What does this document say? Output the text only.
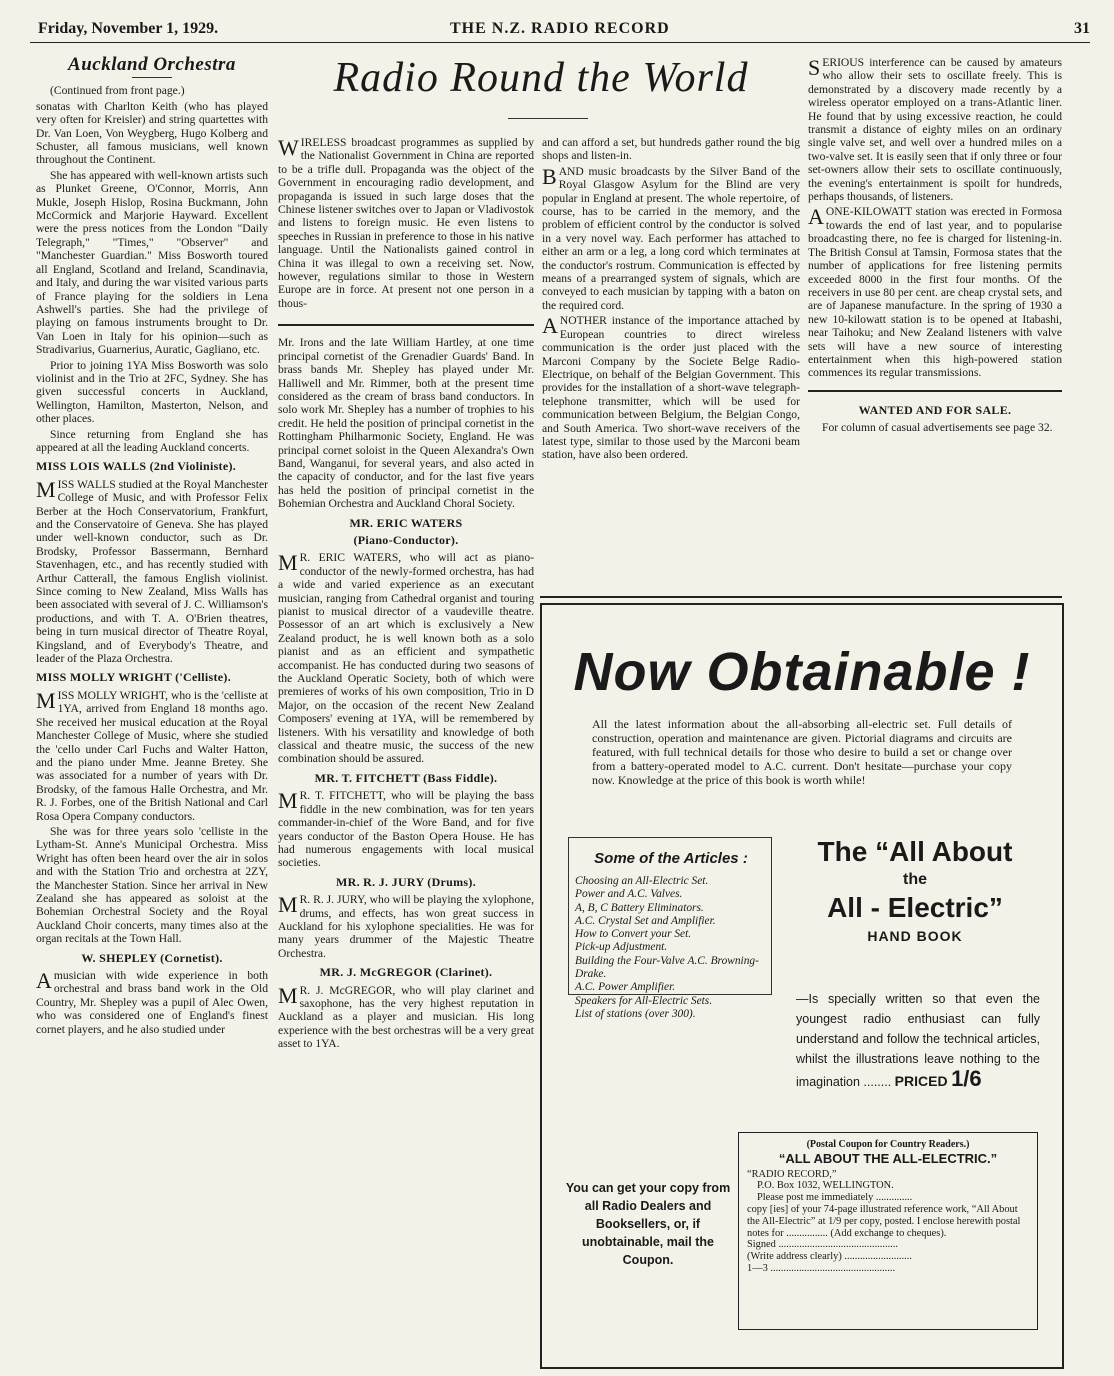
Friday, November 1, 1929.	THE N.Z. RADIO RECORD	31
Auckland Orchestra

(Continued from front page.)

sonatas with Charlton Keith (who has played very often for Kreisler) and string quartettes with Dr. Van Loen, Von Weygberg, Hugo Kolberg and Schuster, all famous musicians, well known throughout the Continent.

She has appeared with well-known artists such as Plunket Greene, O'Connor, Morris, Ann Mukle, Joseph Hislop, Rosina Buckmann, John McCormick and Marjorie Hayward. Excellent were the press notices from the London "Daily Telegraph," "Times," "Observer" and "Manchester Guardian." Miss Bosworth toured all England, Scotland and Ireland, Scandinavia, and Italy, and during the war visited various parts of France playing for the soldiers in Lena Ashwell's parties. She had the privilege of playing on famous instruments brought to Dr. Van Loen in Italy for his opinion—such as Stradivarius, Guarnerius, Auratic, Gagliano, etc.

Prior to joining 1YA Miss Bosworth was solo violinist and in the Trio at 2FC, Sydney. She has given successful concerts in Auckland, Wellington, Hamilton, Masterton, Nelson, and other places.

Since returning from England she has appeared at all the leading Auckland concerts.

MISS LOIS WALLS (2nd Violiniste).

MISS WALLS studied at the Royal Manchester College of Music, and with Professor Felix Berber at the Hoch Conservatorium, Frankfurt, and the Conservatoire of Geneva. She has played under well-known conductor, such as Dr. Brodsky, Professor Bassermann, Bernhard Stavenhagen, etc., and has recently studied with Arthur Catterall, the famous English violinist. Since coming to New Zealand, Miss Walls has been associated with several of J. C. Williamson's productions, and with T. A. O'Brien theatres, being in turn musical director of Theatre Royal, Kingsland, and of Everybody's Theatre, and leader of the Plaza Orchestra.

MISS MOLLY WRIGHT ('Celliste).

MISS MOLLY WRIGHT, who is the 'celliste at 1YA, arrived from England 18 months ago. She received her musical education at the Royal Manchester College of Music, where she studied the 'cello under Carl Fuchs and Walter Hatton, and the piano under Mme. Jeanne Bretey. She was associated for a number of years with Dr. Brodsky, of the famous Halle Orchestra, and Mr. R. J. Forbes, one of the British National and Carl Rosa Opera Company conductors.

She was for three years solo 'celliste in the Lytham-St. Anne's Municipal Orchestra. Miss Wright has often been heard over the air in solos and with the Station Trio and orchestra at 2ZY, the Manchester Station. Since her arrival in New Zealand she has appeared as soloist at the Bohemian Orchestral Society and the Royal Auckland Choir concerts, many times also at the organ recitals at the Town Hall.

W. SHEPLEY (Cornetist).

Amusician with wide experience in both orchestral and brass band work in the Old Country, Mr. Shepley was a pupil of Alec Owen, who was considered one of England's finest cornet players, and he also studied under

Radio Round the World

WIRELESS broadcast programmes as supplied by the Nationalist Government in China are reported to be a trifle dull. Propaganda was the object of the Government in encouraging radio development, and propaganda is issued in such large doses that the Chinese listener switches over to Japan or Vladivostok and listens to foreign music. He even listens to speeches in Russian in preference to those in his native language. Until the Nationalists gained control in China it was illegal to own a receiving set. Now, however, regulations similar to those in Western Europe are in force. At present not one person in a thous-

Mr. Irons and the late William Hartley, at one time principal cornetist of the Grenadier Guards' Band. In brass bands Mr. Shepley has played under Mr. Halliwell and Mr. Rimmer, both at the present time considered as the cream of brass band conductors. In solo work Mr. Shepley has a number of trophies to his credit. He held the position of principal cornetist in the Rottingham Philharmonic Society, England. He was principal cornet soloist in the Queen Alexandra's Own Band, Wanganui, for several years, and also acted in the capacity of conductor, and for the last five years has held the position of principal cornetist in the Bohemian Orchestra and Auckland Choral Society.

MR. ERIC WATERS
(Piano-Conductor).

M R. ERIC WATERS, who will act as piano-conductor of the newly-formed orchestra, has had a wide and varied experience as an executant musician, ranging from Cathedral organist and touring pianist to musical director of a vaudeville theatre. Possessor of an art which is exclusively a New Zealand product, he is well known both as a solo pianist and as an efficient and sympathetic accompanist. He has conducted during two seasons of the Auckland Operatic Society, both of which were premieres of works of his own composition, Trio in D Major, on the occasion of the recent New Zealand Composers' evening at 1YA, will be remembered by listeners. With his versatility and knowledge of both classical and theatre music, the success of the new combination should be assured.

MR. T. FITCHETT (Bass Fiddle).

M R. T. FITCHETT, who will be playing the bass fiddle in the new combination, was for ten years commander-in-chief of the Wore Band, and for five years conductor of the Baston Opera House. He has had numerous engagements with local musical societies.

MR. R. J. JURY (Drums).

M R. R. J. JURY, who will be playing the xylophone, drums, and effects, has won great success in Auckland for his xylophone specialities. He was for many years drummer of the Majestic Theatre Orchestra.

MR. J. McGREGOR (Clarinet).

M R. J. McGREGOR, who will play clarinet and saxophone, has the very highest reputation in Auckland as a player and musician. His long experience with the best orchestras will be a very great asset to 1YA.

and can afford a set, but hundreds gather round the big shops and listen-in.

BAND music broadcasts by the Silver Band of the Royal Glasgow Asylum for the Blind are very popular in England at present. The whole repertoire, of course, has to be carried in the memory, and the problem of efficient control by the conductor is solved in a very novel way. Each performer has attached to either an arm or a leg, a long cord which terminates at the conductor's rostrum. Communication is effected by means of a prearranged system of signals, which are conveyed to each musician by tapping with a baton on the required cord.

ANOTHER instance of the importance attached by European countries to direct wireless communication is the order just placed with the Marconi Company by the Societe Belge Radio-Electrique, on behalf of the Belgian Government. This provides for the installation of a short-wave telegraph-telephone transmitter, which will be used for communication between Belgium, the Belgian Congo, and South America. Two short-wave receivers of the latest type, similar to those used by the Marconi beam station, have also been ordered.

SERIOUS interference can be caused by amateurs who allow their sets to oscillate freely. This is demonstrated by a discovery made recently by a wireless operator employed on a trans-Atlantic liner. He found that by using excessive reaction, he could transmit a distance of eighty miles on an ordinary single valve set, and well over a hundred miles on a two-valve set. It is easily seen that if only three or four set-owners allow their sets to oscillate continuously, the evening's entertainment is spoilt for hundreds, perhaps thousands, of listeners.

AONE-KILOWATT station was erected in Formosa towards the end of last year, and to popularise broadcasting there, no fee is charged for listening-in. The British Consul at Tamsin, Formosa states that the number of applications for free listening permits exceeded 8000 in the first four months. Of the receivers in use 80 per cent. are cheap crystal sets, and are of Japanese manufacture. In the spring of 1930 a new 10-kilowatt station is to be opened at Itabashi, near Taihoku; and New Zealand listeners with valve sets will have a new source of interesting entertainment when this high-powered station commences its regular transmissions.

WANTED AND FOR SALE.

For column of casual advertisements see page 32.

Now Obtainable !
All the latest information about the all-absorbing all-electric set. Full details of construction, operation and maintenance are given. Pictorial diagrams and circuits are featured, with full technical details for those who desire to build a set or change over from a battery-operated model to A.C. current. Don't hesitate—purchase your copy now. Knowledge at the price of this book is worth while!
Some of the Articles :
Choosing an All-Electric Set.
Power and A.C. Valves.
A, B, C Battery Eliminators.
A.C. Crystal Set and Amplifier.
How to Convert your Set.
Pick-up Adjustment.
Building the Four-Valve A.C. Browning-Drake.
A.C. Power Amplifier.
Speakers for All-Electric Sets.
List of stations (over 300).
The “All About
the
All - Electric”
HAND BOOK
—Is specially written so that even the youngest radio enthusiast can fully understand and follow the technical articles, whilst the illustrations leave nothing to the imagination ........ PRICED 1/6
You can get your copy from all Radio Dealers and Booksellers, or, if unobtainable, mail the Coupon.
(Postal Coupon for Country Readers.)
“ALL ABOUT THE ALL-ELECTRIC.”
“RADIO RECORD,”
P.O. Box 1032, WELLINGTON.
Please post me immediately ..............
copy [ies] of your 74-page illustrated reference work, “All About the All-Electric” at 1/9 per copy, posted. I enclose herewith postal notes for ................ (Add exchange to cheques).
Signed ..............................................
(Write address clearly) ..........................
1—3 ................................................
